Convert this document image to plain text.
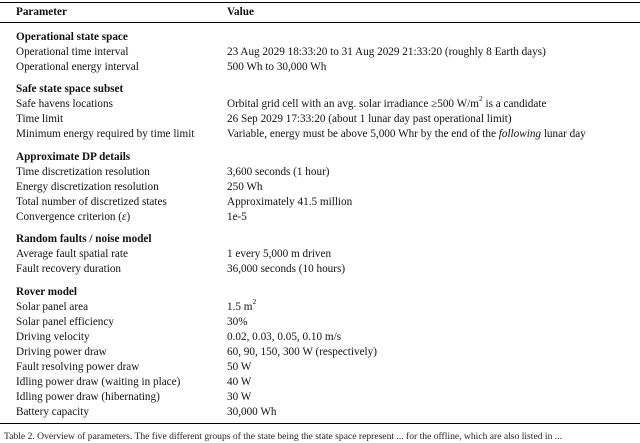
Parameter	Value
Operational state space
Operational time interval	23 Aug 2029 18:33:20 to 31 Aug 2029 21:33:20 (roughly 8 Earth days)
Operational energy interval	500 Wh to 30,000 Wh
Safe state space subset
Safe havens locations	Orbital grid cell with an avg. solar irradiance ≥500 $W/m^2$ is a candidate
Time limit	26 Sep 2029 17:33:20 (about 1 lunar day past operational limit)
Minimum energy required by time limit	Variable, energy must be above 5,000 Whr by the end of the following lunar day
Approximate DP details
Time discretization resolution	3,600 seconds (1 hour)
Energy discretization resolution	250 Wh
Total number of discretized states	Approximately 41.5 million
Convergence criterion (ε)	1e-5
Random faults / noise model
Average fault spatial rate	1 every 5,000 m driven
Fault recovery duration	36,000 seconds (10 hours)
Rover model
Solar panel area	1.5 $m^2$
Solar panel efficiency	30%
Driving velocity	0.02, 0.03, 0.05, 0.10 m/s
Driving power draw	60, 90, 150, 300 W (respectively)
Fault resolving power draw	50 W
Idling power draw (waiting in place)	40 W
Idling power draw (hibernating)	30 W
Battery capacity	30,000 Wh
Table 2. Overview of parameters. The five different groups of the state being the state space represent ... for the offline, which are also listed in ...
